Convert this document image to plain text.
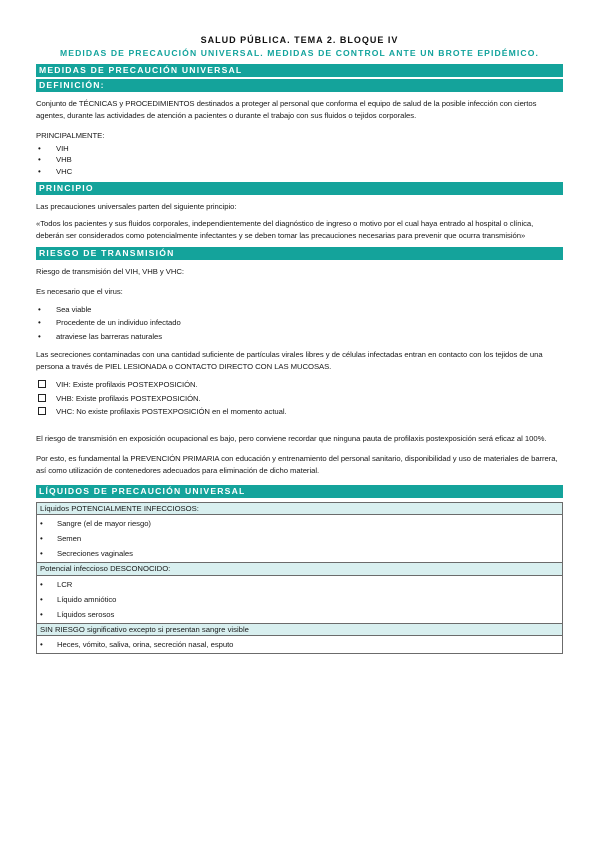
SALUD PÚBLICA. TEMA 2. BLOQUE IV
MEDIDAS DE PRECAUCIÓN UNIVERSAL. MEDIDAS DE CONTROL ANTE UN BROTE EPIDÉMICO.
MEDIDAS DE PRECAUCIÓN UNIVERSAL
DEFINICIÓN:

Conjunto de TÉCNICAS y PROCEDIMIENTOS destinados a proteger al personal que conforma el equipo de salud de la posible infección con ciertos agentes, durante las actividades de atención a pacientes o durante el trabajo con sus fluidos o tejidos corporales.

PRINCIPALMENTE:

• VIH
• VHB
• VHC
PRINCIPIO

Las precauciones universales parten del siguiente principio:

«Todos los pacientes y sus fluidos corporales, independientemente del diagnóstico de ingreso o motivo por el cual haya entrado al hospital o clínica, deberán ser considerados como potencialmente infectantes y se deben tomar las precauciones necesarias para prevenir que ocurra transmisión»

RIESGO DE TRANSMISIÓN

Riesgo de transmisión del VIH, VHB y VHC:

Es necesario que el virus:

• Sea viable
• Procedente de un individuo infectado
• atraviese las barreras naturales

Las secreciones contaminadas con una cantidad suficiente de partículas virales libres y de células infectadas entran en contacto con los tejidos de una persona a través de PIEL LESIONADA o CONTACTO DIRECTO CON LAS MUCOSAS.

VIH: Existe profilaxis POSTEXPOSICIÓN.
VHB: Existe profilaxis POSTEXPOSICIÓN.
VHC: No existe profilaxis POSTEXPOSICIÓN en el momento actual.

El riesgo de transmisión en exposición ocupacional es bajo, pero conviene recordar que ninguna pauta de profilaxis postexposición será eficaz al 100%.

Por esto, es fundamental la PREVENCIÓN PRIMARIA con educación y entrenamiento del personal sanitario, disponibilidad y uso de materiales de barrera, así como utilización de contenedores adecuados para eliminación de dicho material.

LÍQUIDOS DE PRECAUCIÓN UNIVERSAL
Líquidos POTENCIALMENTE INFECCIOSOS:

• Sangre (el de mayor riesgo)
• Semen
• Secreciones vaginales

Potencial infeccioso DESCONOCIDO:

• LCR
• Líquido amniótico
• Líquidos serosos

SIN RIESGO significativo excepto si presentan sangre visible

• Heces, vómito, saliva, orina, secreción nasal, esputo
